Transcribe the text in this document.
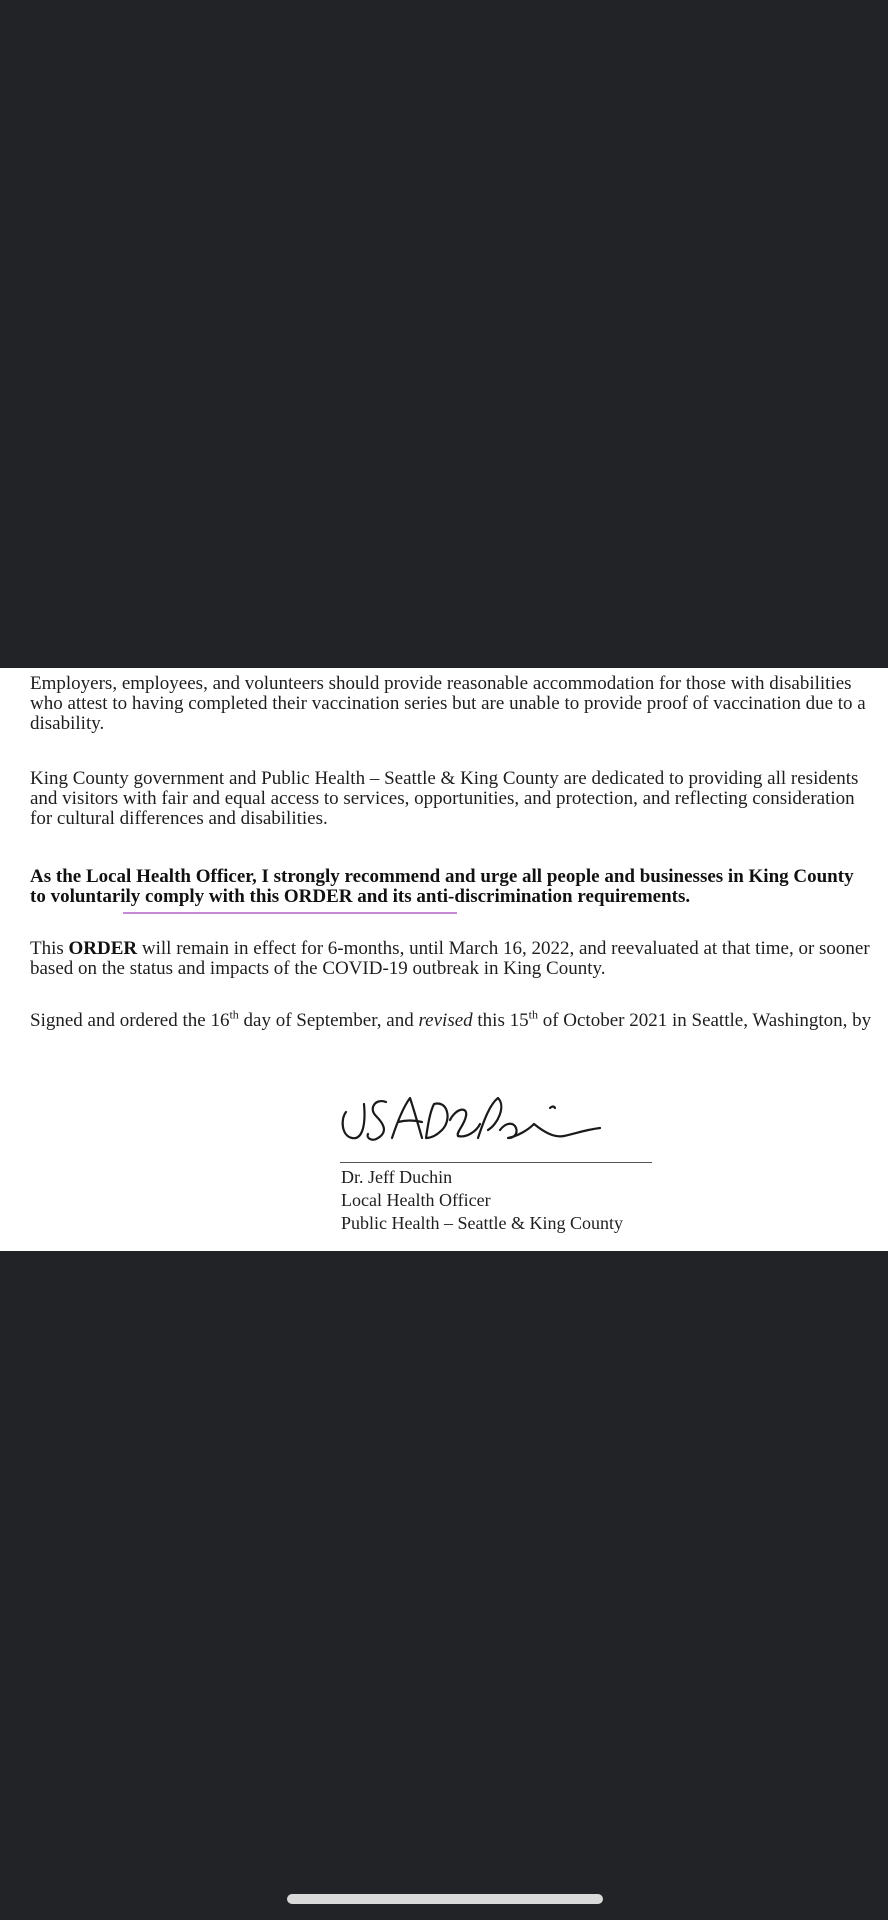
Employers, employees, and volunteers should provide reasonable accommodation for those with disabilities who attest to having completed their vaccination series but are unable to provide proof of vaccination due to a disability.

King County government and Public Health – Seattle & King County are dedicated to providing all residents and visitors with fair and equal access to services, opportunities, and protection, and reflecting consideration for cultural differences and disabilities.

As the Local Health Officer, I strongly recommend and urge all people and businesses in King County to voluntarily comply with this ORDER and its anti-discrimination requirements.

This ORDER will remain in effect for 6-months, until March 16, 2022, and reevaluated at that time, or sooner based on the status and impacts of the COVID-19 outbreak in King County.

Signed and ordered the 16th day of September, and revised this 15th of October 2021 in Seattle, Washington, by

Dr. Jeff Duchin
Local Health Officer
Public Health – Seattle & King County
